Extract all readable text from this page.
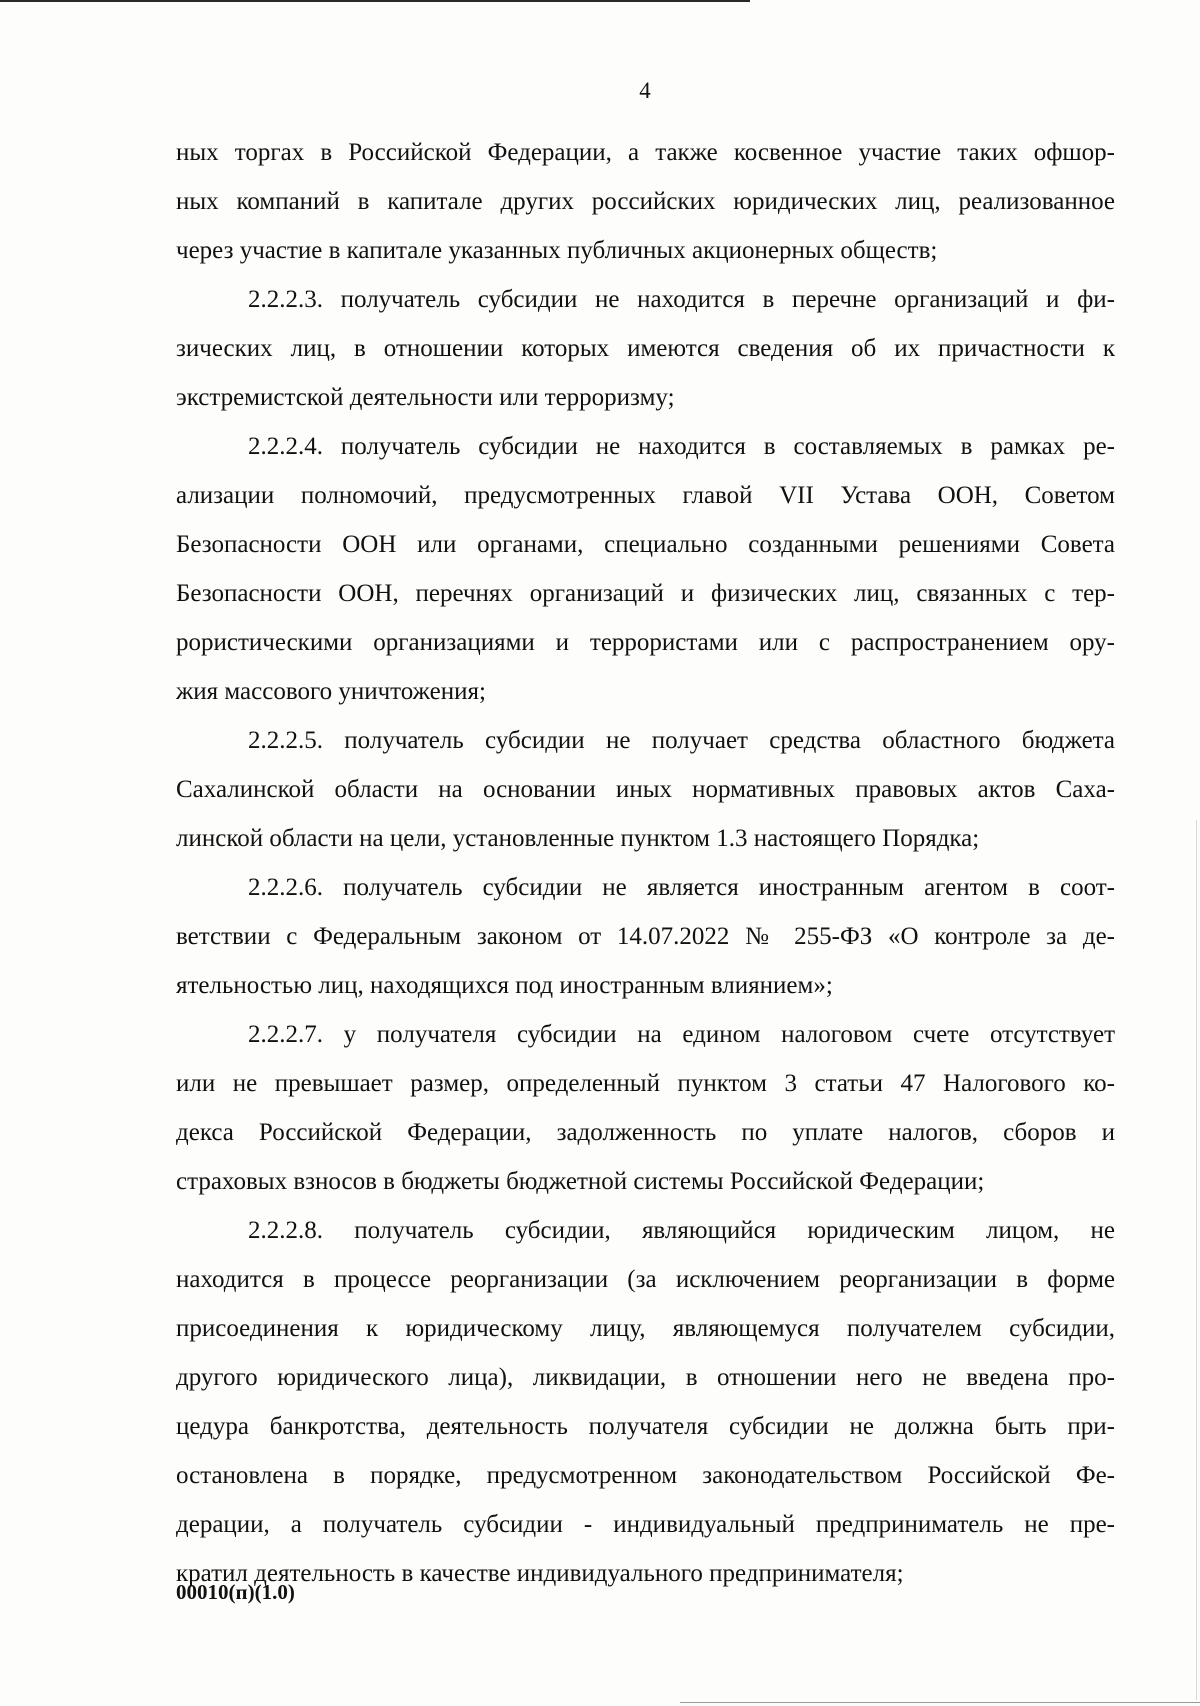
4
ных торгах в Российской Федерации, а также косвенное участие таких офшор-
ных компаний в капитале других российских юридических лиц, реализованное
через участие в капитале указанных публичных акционерных обществ;
2.2.2.3. получатель субсидии не находится в перечне организаций и фи-
зических лиц, в отношении которых имеются сведения об их причастности к
экстремистской деятельности или терроризму;
2.2.2.4. получатель субсидии не находится в составляемых в рамках ре-
ализации полномочий, предусмотренных главой VII Устава ООН, Советом
Безопасности ООН или органами, специально созданными решениями Совета
Безопасности ООН, перечнях организаций и физических лиц, связанных с тер-
рористическими организациями и террористами или с распространением ору-
жия массового уничтожения;
2.2.2.5. получатель субсидии не получает средства областного бюджета
Сахалинской области на основании иных нормативных правовых актов Саха-
линской области на цели, установленные пунктом 1.3 настоящего Порядка;
2.2.2.6. получатель субсидии не является иностранным агентом в соот-
ветствии с Федеральным законом от 14.07.2022 № 255-ФЗ «О контроле за де-
ятельностью лиц, находящихся под иностранным влиянием»;
2.2.2.7. у получателя субсидии на едином налоговом счете отсутствует
или не превышает размер, определенный пунктом 3 статьи 47 Налогового ко-
декса Российской Федерации, задолженность по уплате налогов, сборов и
страховых взносов в бюджеты бюджетной системы Российской Федерации;
2.2.2.8. получатель субсидии, являющийся юридическим лицом, не
находится в процессе реорганизации (за исключением реорганизации в форме
присоединения к юридическому лицу, являющемуся получателем субсидии,
другого юридического лица), ликвидации, в отношении него не введена про-
цедура банкротства, деятельность получателя субсидии не должна быть при-
остановлена в порядке, предусмотренном законодательством Российской Фе-
дерации, а получатель субсидии - индивидуальный предприниматель не пре-
кратил деятельность в качестве индивидуального предпринимателя;
00010(п)(1.0)
